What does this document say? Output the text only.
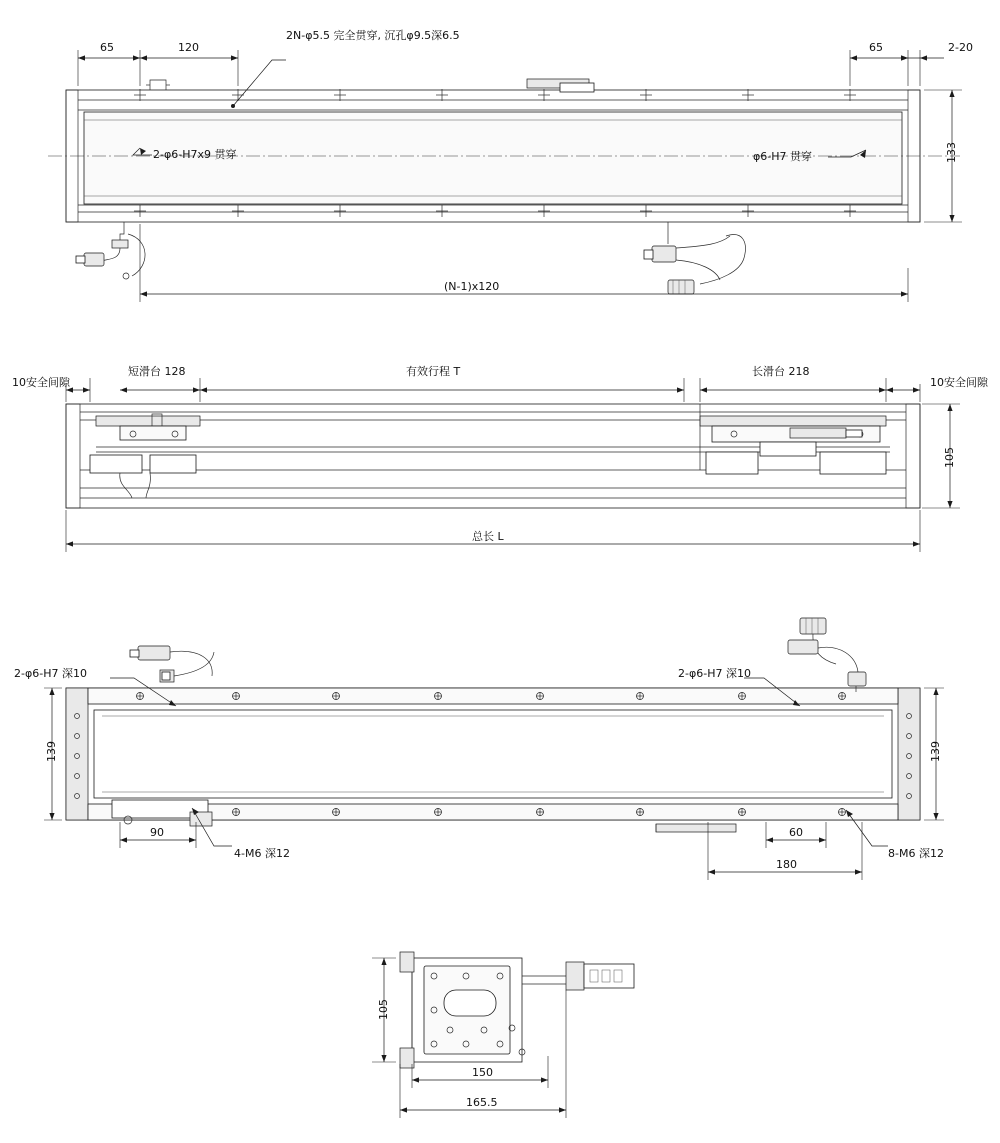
2N-φ5.5 完全贯穿, 沉孔φ9.5深6.5
2-φ6-H7x9 贯穿	φ6-H7 贯穿
65	120	65	2-20
133
(N-1)x120
10安全间隙
短滑台 128	有效行程 T	长滑台 218
10安全间隙
105
总长 L
2-φ6-H7 深10	2-φ6-H7 深10
4-M6 深12	8-M6 深12
139	139
90	60
180
105
150
165.5
